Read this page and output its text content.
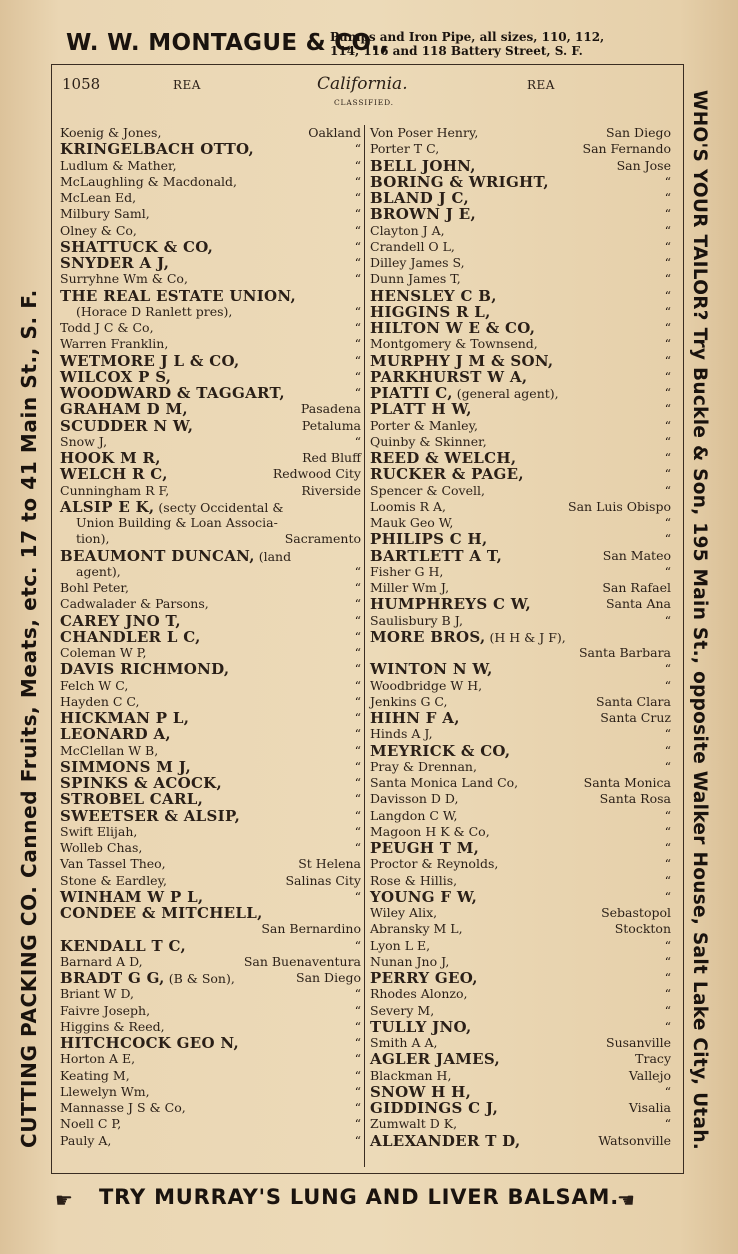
W. W. MONTAGUE & CO.,
Pumps and Iron Pipe, all sizes, 110, 112,
114, 116 and 118 Battery Street, S. F.
CUTTING PACKING CO. Canned Fruits, Meats, etc. 17 to 41 Main St., S. F.	WHO'S YOUR TAILOR? Try Buckle & Son, 195 Main St., opposite Walker House, Salt Lake City, Utah.
1058	REA	California.
CLASSIFIED.
REA
Koenig & Jones,	Oakland
KRINGELBACH OTTO,	“
Ludlum & Mather,	“
McLaughling & Macdonald,	“
McLean Ed,	“
Milbury Saml,	“
Olney & Co,	“
SHATTUCK & CO,	“
SNYDER A J,	“
Surryhne Wm & Co,	“
THE REAL ESTATE UNION,
(Horace D Ranlett pres),	“
Todd J C & Co,	“
Warren Franklin,	“
WETMORE J L & CO,	“
WILCOX P S,	“
WOODWARD & TAGGART,	“
GRAHAM D M,	Pasadena
SCUDDER N W,	Petaluma
Snow J,	“
HOOK M R,	Red Bluff
WELCH R C,	Redwood City
Cunningham R F,	Riverside
ALSIP E K, (secty Occidental &
Union Building & Loan Associa-
tion),	Sacramento
BEAUMONT DUNCAN, (land
agent),	“
Bohl Peter,	“
Cadwalader & Parsons,	“
CAREY JNO T,	“
CHANDLER L C,	“
Coleman W P,	“
DAVIS RICHMOND,	“
Felch W C,	“
Hayden C C,	“
HICKMAN P L,	“
LEONARD A,	“
McClellan W B,	“
SIMMONS M J,	“
SPINKS & ACOCK,	“
STROBEL CARL,	“
SWEETSER & ALSIP,	“
Swift Elijah,	“
Wolleb Chas,	“
Van Tassel Theo,	St Helena
Stone & Eardley,	Salinas City
WINHAM W P L,	“
CONDEE & MITCHELL,
San Bernardino
KENDALL T C,	“
Barnard A D,	San Buenaventura
BRADT G G, (B & Son),	San Diego
Briant W D,	“
Faivre Joseph,	“
Higgins & Reed,	“
HITCHCOCK GEO N,	“
Horton A E,	“
Keating M,	“
Llewelyn Wm,	“
Mannasse J S & Co,	“
Noell C P,	“
Pauly A,	“
Von Poser Henry,	San Diego
Porter T C,	San Fernando
BELL JOHN,	San Jose
BORING & WRIGHT,	“
BLAND J C,	“
BROWN J E,	“
Clayton J A,	“
Crandell O L,	“
Dilley James S,	“
Dunn James T,	“
HENSLEY C B,	“
HIGGINS R L,	“
HILTON W E & CO,	“
Montgomery & Townsend,	“
MURPHY J M & SON,	“
PARKHURST W A,	“
PIATTI C, (general agent),	“
PLATT H W,	“
Porter & Manley,	“
Quinby & Skinner,	“
REED & WELCH,	“
RUCKER & PAGE,	“
Spencer & Covell,	“
Loomis R A,	San Luis Obispo
Mauk Geo W,	“
PHILIPS C H,	“
BARTLETT A T,	San Mateo
Fisher G H,	“
Miller Wm J,	San Rafael
HUMPHREYS C W,	Santa Ana
Saulisbury B J,	“
MORE BROS, (H H & J F),
Santa Barbara
WINTON N W,	“
Woodbridge W H,	“
Jenkins G C,	Santa Clara
HIHN F A,	Santa Cruz
Hinds A J,	“
MEYRICK & CO,	“
Pray & Drennan,	“
Santa Monica Land Co,	Santa Monica
Davisson D D,	Santa Rosa
Langdon C W,	“
Magoon H K & Co,	“
PEUGH T M,	“
Proctor & Reynolds,	“
Rose & Hillis,	“
YOUNG F W,	“
Wiley Alix,	Sebastopol
Abransky M L,	Stockton
Lyon L E,	“
Nunan Jno J,	“
PERRY GEO,	“
Rhodes Alonzo,	“
Severy M,	“
TULLY JNO,	“
Smith A A,	Susanville
AGLER JAMES,	Tracy
Blackman H,	Vallejo
SNOW H H,	“
GIDDINGS C J,	Visalia
Zumwalt D K,	“
ALEXANDER T D,	Watsonville
☛ TRY MURRAY'S LUNG AND LIVER BALSAM.
☚
